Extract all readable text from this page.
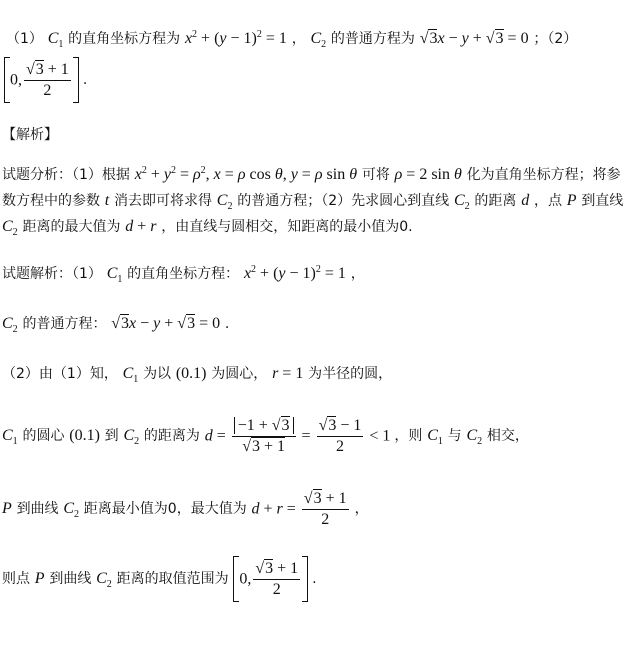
（1） $C_1$ 的直角坐标方程为 $x^2 + (y - 1)^2 = 1$ ， $C_2$ 的普通方程为 √3x − y + √3 = 0 ；（2）
0, $\frac{√3 + 1}{2}$ .
【解析】
试题分析：（1）根据 $x^2 + y^2 = \rho^2$, x = ρ cos θ, y = ρ sin θ 可将 ρ = 2 sin θ 化为直角坐标方程；将参
数方程中的参数 t 消去即可将求得 $C_2$ 的普通方程；（2）先求圆心到直线 $C_2$ 的距离 d ，点 P 到直线
$C_2$ 距离的最大值为 d + r ，由直线与圆相交，知距离的最小值为0.
试题解析：（1） $C_1$ 的直角坐标方程： $x^2 + (y - 1)^2 = 1$ ，
$C_2$ 的普通方程： √3x − y + √3 = 0 .
（2）由（1）知， $C_1$ 为以 (0.1) 为圆心， r = 1 为半径的圆，
$C_1$ 的圆心 (0.1) 到 $C_2$ 的距离为 $d = \frac{-1 + √3}{√3 + 1} = \frac{√3 - 1}{2} < 1$ ，则 $C_1$ 与 $C_2$ 相交，
P 到曲线 $C_2$ 距离最小值为0，最大值为 $d + r = \frac{√3 + 1}{2}$ ，
则点 P 到曲线 $C_2$ 距离的取值范围为 0, $\frac{√3 + 1}{2}$ .
